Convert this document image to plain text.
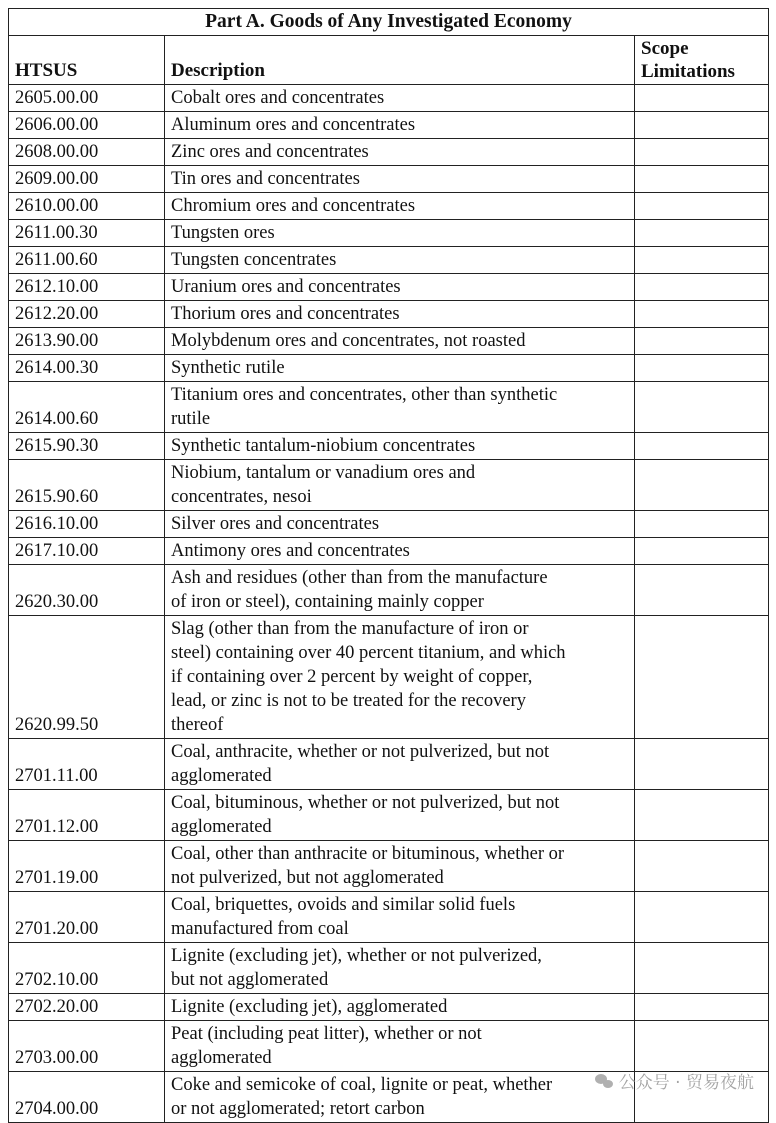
Part A. Goods of Any Investigated Economy		
HTSUS	Description	Scope
Limitations
2605.00.00	Cobalt ores and concentrates	
2606.00.00	Aluminum ores and concentrates	
2608.00.00	Zinc ores and concentrates	
2609.00.00	Tin ores and concentrates	
2610.00.00	Chromium ores and concentrates	
2611.00.30	Tungsten ores	
2611.00.60	Tungsten concentrates	
2612.10.00	Uranium ores and concentrates	
2612.20.00	Thorium ores and concentrates	
2613.90.00	Molybdenum ores and concentrates, not roasted	
2614.00.30	Synthetic rutile	
2614.00.60	Titanium ores and concentrates, other than synthetic
rutile	
2615.90.30	Synthetic tantalum-niobium concentrates	
2615.90.60	Niobium, tantalum or vanadium ores and
concentrates, nesoi	
2616.10.00	Silver ores and concentrates	
2617.10.00	Antimony ores and concentrates	
2620.30.00	Ash and residues (other than from the manufacture
of iron or steel), containing mainly copper	
2620.99.50	Slag (other than from the manufacture of iron or
steel) containing over 40 percent titanium, and which
if containing over 2 percent by weight of copper,
lead, or zinc is not to be treated for the recovery
thereof	
2701.11.00	Coal, anthracite, whether or not pulverized, but not
agglomerated	
2701.12.00	Coal, bituminous, whether or not pulverized, but not
agglomerated	
2701.19.00	Coal, other than anthracite or bituminous, whether or
not pulverized, but not agglomerated	
2701.20.00	Coal, briquettes, ovoids and similar solid fuels
manufactured from coal	
2702.10.00	Lignite (excluding jet), whether or not pulverized,
but not agglomerated	
2702.20.00	Lignite (excluding jet), agglomerated	
2703.00.00	Peat (including peat litter), whether or not
agglomerated	
2704.00.00	Coke and semicoke of coal, lignite or peat, whether
or not agglomerated; retort carbon	
公众号 · 贸易夜航
